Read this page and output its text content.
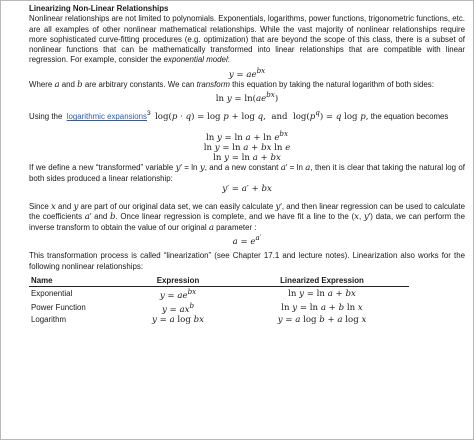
Linearizing Non-Linear Relationships

Nonlinear relationships are not limited to polynomials. Exponentials, logarithms, power functions, trigonometric functions, etc. are all examples of other nonlinear mathematical relationships. While the vast majority of nonlinear relationships require more sophisticated curve-fitting procedures (e.g. optimization) that are beyond the scope of this class, there is a subset of nonlinear functions that can be mathematically transformed into linear relationships that are compatible with linear regression. For example, consider the exponential model:

$y = ae^{bx}$

Where a and b are arbitrary constants. We can transform this equation by taking the natural logarithm of both sides:

$\ln y = \ln(ae^{bx})$

Using the logarithmic expansions$^3$ log(p · q) = log p + log q,  and  $\log(p^q) = q$ log p, the equation becomes

$\ln y = \ln a + \ln e^{bx}$
ln y = ln a + bx ln e
ln y = ln a + bx

If we define a new “transformed” variable y′ = ln y, and a new constant a′ = ln a, then it is clear that taking the natural log of both sides produced a linear relationship:

y′ = a′ + bx

Since x and y are part of our original data set, we can easily calculate y′, and then linear regression can be used to calculate the coefficients a′ and b. Once linear regression is complete, and we have fit a line to the (x, y′) data, we can perform the inverse transform to obtain the value of our original a parameter :

$a = e^{a'}$

This transformation process is called “linearization” (see Chapter 17.1 and lecture notes). Linearization also works for the following nonlinear relationships:

Name	Expression	Linearized Expression
Exponential	$y = ae^{bx}$	ln y = ln a + bx
Power Function	$y = ax^b$	ln y = ln a + b ln x
Logarithm	y = a log bx	y = a log b + a log x
